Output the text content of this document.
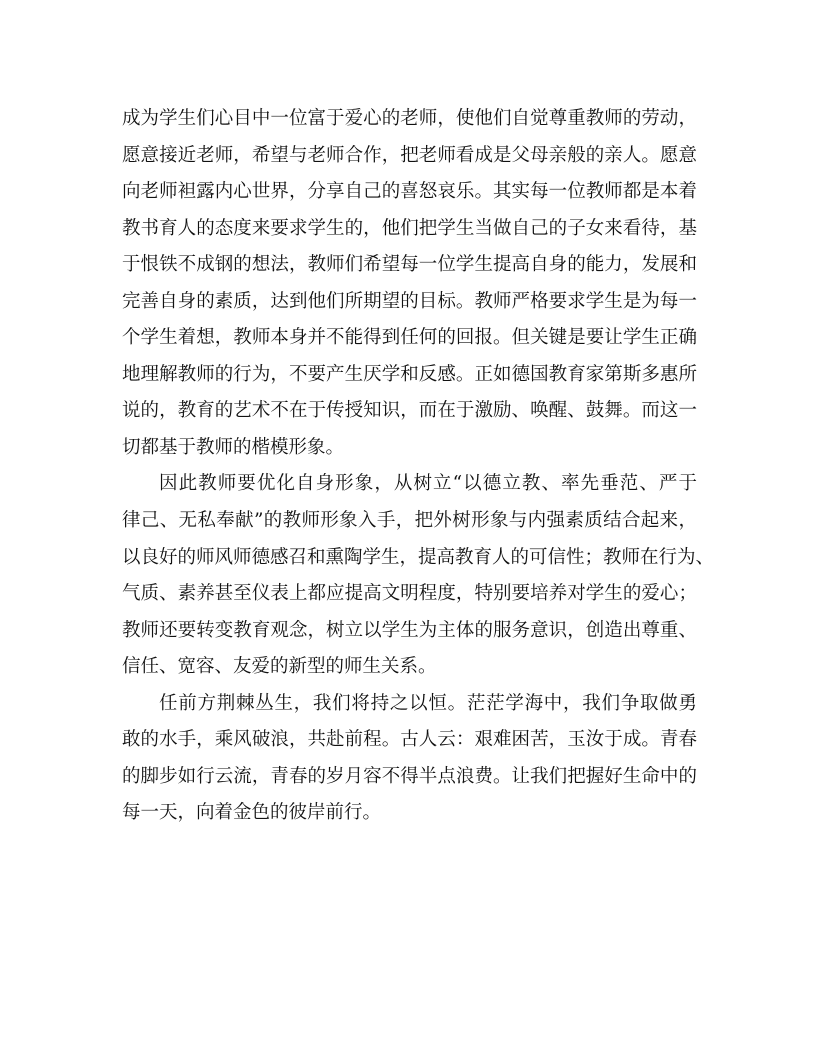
成为学生们心目中一位富于爱心的老师，使他们自觉尊重教师的劳动，
愿意接近老师，希望与老师合作，把老师看成是父母亲般的亲人。愿意
向老师袒露内心世界，分享自己的喜怒哀乐。其实每一位教师都是本着
教书育人的态度来要求学生的，他们把学生当做自己的子女来看待，基
于恨铁不成钢的想法，教师们希望每一位学生提高自身的能力，发展和
完善自身的素质，达到他们所期望的目标。教师严格要求学生是为每一
个学生着想，教师本身并不能得到任何的回报。但关键是要让学生正确
地理解教师的行为，不要产生厌学和反感。正如德国教育家第斯多惠所
说的，教育的艺术不在于传授知识，而在于激励、唤醒、鼓舞。而这一
切都基于教师的楷模形象。
因此教师要优化自身形象，从树立“以德立教、率先垂范、严于
律己、无私奉献”的教师形象入手，把外树形象与内强素质结合起来，
以良好的师风师德感召和熏陶学生，提高教育人的可信性；教师在行为、
气质、素养甚至仪表上都应提高文明程度，特别要培养对学生的爱心；
教师还要转变教育观念，树立以学生为主体的服务意识，创造出尊重、
信任、宽容、友爱的新型的师生关系。
任前方荆棘丛生，我们将持之以恒。茫茫学海中，我们争取做勇
敢的水手，乘风破浪，共赴前程。古人云：艰难困苦，玉汝于成。青春
的脚步如行云流，青春的岁月容不得半点浪费。让我们把握好生命中的
每一天，向着金色的彼岸前行。
